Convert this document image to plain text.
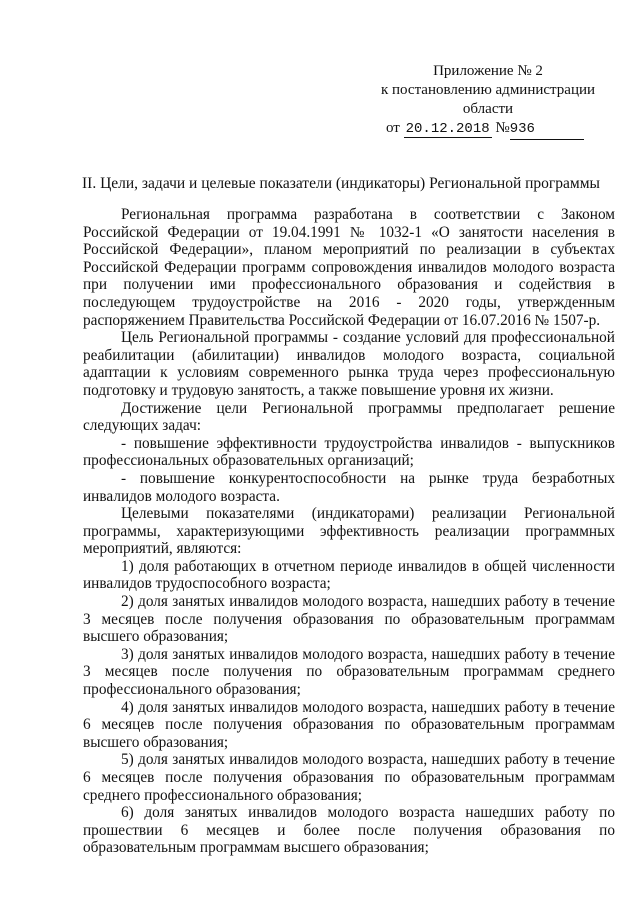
Приложение № 2
к постановлению администрации
области
от 20.12.2018 №936
II. Цели, задачи и целевые показатели (индикаторы) Региональной программы

Региональная программа разработана в соответствии с Законом Российской Федерации от 19.04.1991 № 1032-1 «О занятости населения в Российской Федерации», планом мероприятий по реализации в субъектах Российской Федерации программ сопровождения инвалидов молодого возраста при получении ими профессионального образования и содействия в последующем трудоустройстве на 2016 - 2020 годы, утвержденным распоряжением Правительства Российской Федерации от 16.07.2016 № 1507-р.

Цель Региональной программы - создание условий для профессиональной реабилитации (абилитации) инвалидов молодого возраста, социальной адаптации к условиям современного рынка труда через профессиональную подготовку и трудовую занятость, а также повышение уровня их жизни.

Достижение цели Региональной программы предполагает решение следующих задач:

- повышение эффективности трудоустройства инвалидов - выпускников профессиональных образовательных организаций;

- повышение конкурентоспособности на рынке труда безработных инвалидов молодого возраста.

Целевыми показателями (индикаторами) реализации Региональной программы, характеризующими эффективность реализации программных мероприятий, являются:

1) доля работающих в отчетном периоде инвалидов в общей численности инвалидов трудоспособного возраста;

2) доля занятых инвалидов молодого возраста, нашедших работу в течение 3 месяцев после получения образования по образовательным программам высшего образования;

3) доля занятых инвалидов молодого возраста, нашедших работу в течение 3 месяцев после получения по образовательным программам среднего профессионального образования;

4) доля занятых инвалидов молодого возраста, нашедших работу в течение 6 месяцев после получения образования по образовательным программам высшего образования;

5) доля занятых инвалидов молодого возраста, нашедших работу в течение 6 месяцев после получения образования по образовательным программам среднего профессионального образования;

6) доля занятых инвалидов молодого возраста нашедших работу по прошествии 6 месяцев и более после получения образования по образовательным программам высшего образования;
